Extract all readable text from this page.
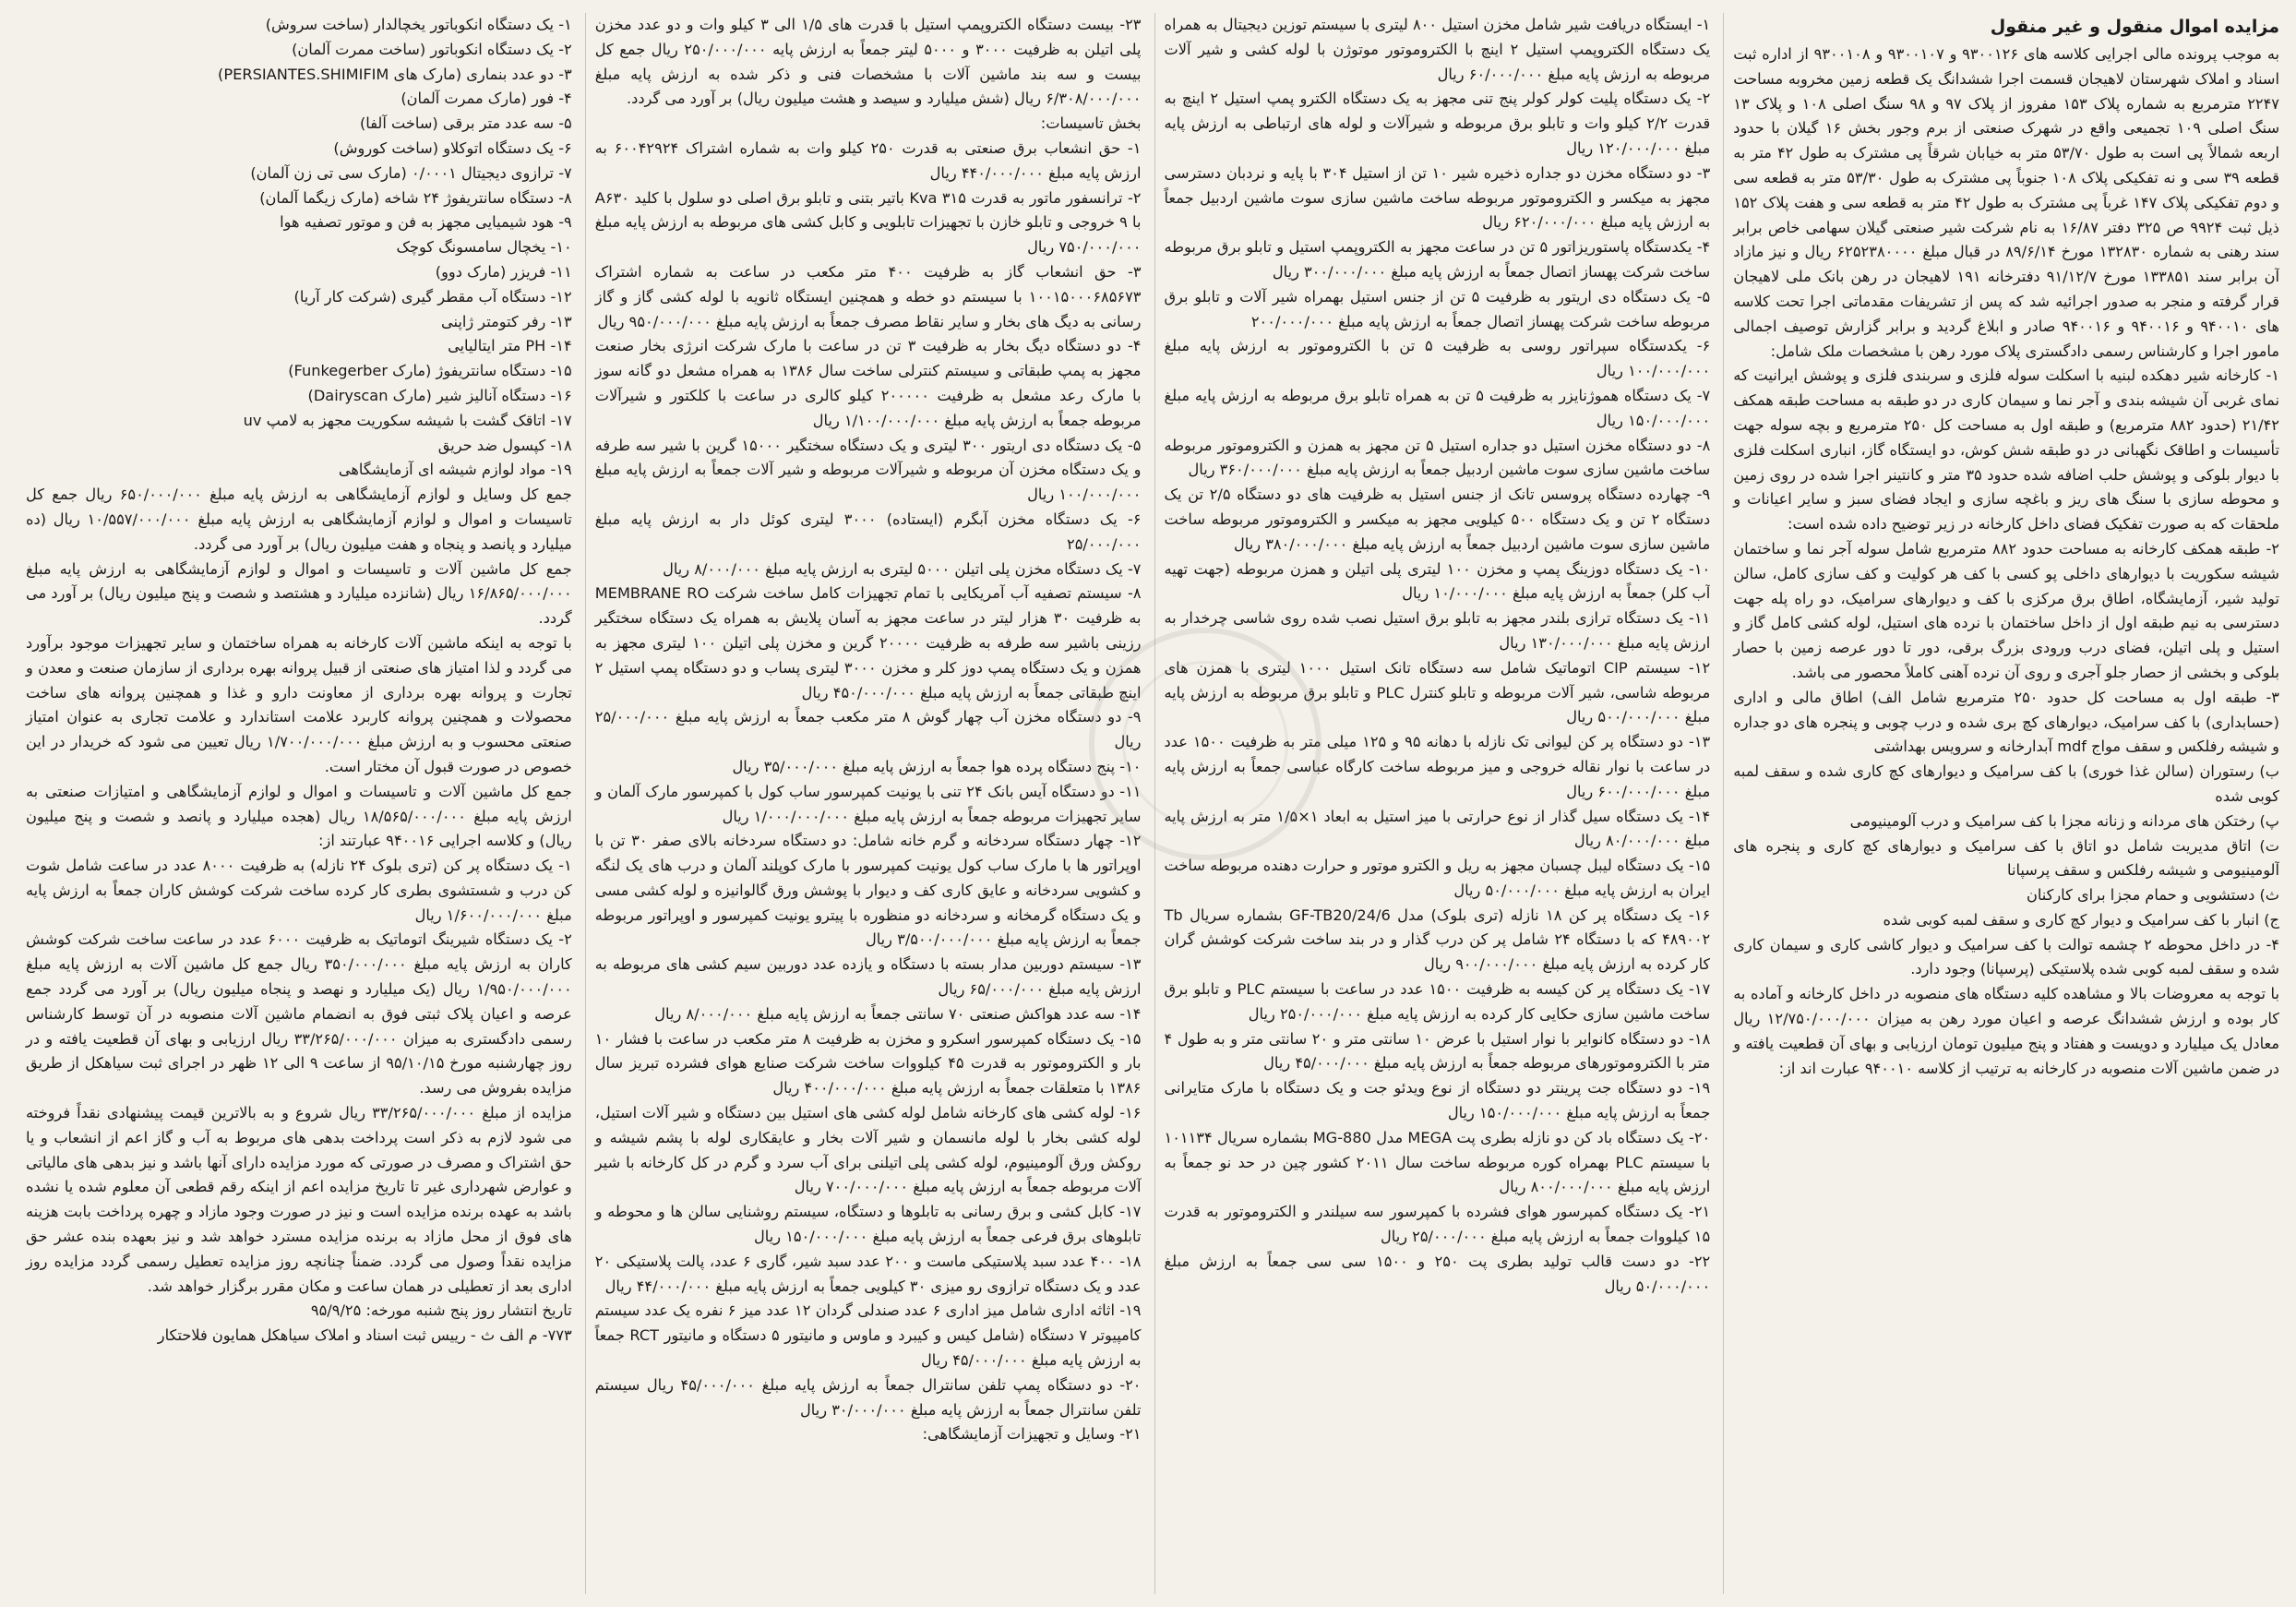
مزایده اموال منقول و غیر منقول

به موجب پرونده مالی اجرایی کلاسه های ۹۳۰۰۱۲۶ و ۹۳۰۰۱۰۷ و ۹۳۰۰۱۰۸ از اداره ثبت اسناد و املاک شهرستان لاهیجان قسمت اجرا ششدانگ یک قطعه زمین مخروبه مساحت ۲۲۴۷ مترمربع به شماره پلاک ۱۵۳ مفروز از پلاک ۹۷ و ۹۸ سنگ اصلی ۱۰۸ و پلاک ۱۳ سنگ اصلی ۱۰۹ تجمیعی واقع در شهرک صنعتی از برم وجور بخش ۱۶ گیلان با حدود اربعه شمالاً پی است به طول ۵۳/۷۰ متر به خیابان شرقاً پی مشترک به طول ۴۲ متر به قطعه ۳۹ سی و نه تفکیکی پلاک ۱۰۸ جنوباً پی مشترک به طول ۵۳/۳۰ متر به قطعه سی و دوم تفکیکی پلاک ۱۴۷ غرباً پی مشترک به طول ۴۲ متر به قطعه سی و هفت پلاک ۱۵۲ ذیل ثبت ۹۹۲۴ ص ۳۲۵ دفتر ۱۶/۸۷ به نام شرکت شیر صنعتی گیلان سهامی خاص برابر سند رهنی به شماره ۱۳۲۸۳۰ مورخ ۸۹/۶/۱۴ در قبال مبلغ ۶۲۵۲۳۸۰۰۰۰ ریال و نیز مازاد آن برابر سند ۱۳۳۸۵۱ مورخ ۹۱/۱۲/۷ دفترخانه ۱۹۱ لاهیجان در رهن بانک ملی لاهیجان قرار گرفته و منجر به صدور اجرائیه شد که پس از تشریفات مقدماتی اجرا تحت کلاسه های ۹۴۰۰۱۰ و ۹۴۰۰۱۶ و ۹۴۰۰۱۶ صادر و ابلاغ گردید و برابر گزارش توصیف اجمالی مامور اجرا و کارشناس رسمی دادگستری پلاک مورد رهن با مشخصات ملک شامل:

۱- کارخانه شیر دهکده لبنیه با اسکلت سوله فلزی و سربندی فلزی و پوشش ایرانیت که نمای غربی آن شیشه بندی و آجر نما و سیمان کاری در دو طبقه به مساحت طبقه همکف ۲۱/۴۲ (حدود ۸۸۲ مترمربع) و طبقه اول به مساحت کل ۲۵۰ مترمربع و بچه سوله جهت تأسیسات و اطاقک نگهبانی در دو طبقه شش کوش، دو ایستگاه گاز، انباری اسکلت فلزی با دیوار بلوکی و پوشش حلب اضافه شده حدود ۳۵ متر و کانتینر اجرا شده در روی زمین و محوطه سازی با سنگ های ریز و باغچه سازی و ایجاد فضای سبز و سایر اعیانات و ملحقات که به صورت تفکیک فضای داخل کارخانه در زیر توضیح داده شده است:

۲- طبقه همکف کارخانه به مساحت حدود ۸۸۲ مترمربع شامل سوله آجر نما و ساختمان شیشه سکوریت با دیوارهای داخلی پو کسی با کف هر کولیت و کف سازی کامل، سالن تولید شیر، آزمایشگاه، اطاق برق مرکزی با کف و دیوارهای سرامیک، دو راه پله جهت دسترسی به نیم طبقه اول از داخل ساختمان با نرده های استیل، لوله کشی کامل گاز و استیل و پلی اتیلن، فضای درب ورودی بزرگ برقی، دور تا دور عرصه زمین با حصار بلوکی و بخشی از حصار جلو آجری و روی آن نرده آهنی کاملاً محصور می باشد.

۳- طبقه اول به مساحت کل حدود ۲۵۰ مترمربع شامل الف) اطاق مالی و اداری (حسابداری) با کف سرامیک، دیوارهای کچ بری شده و درب چوبی و پنجره های دو جداره و شیشه رفلکس و سقف مواج mdf آبدارخانه و سرویس بهداشتی

ب) رستوران (سالن غذا خوری) با کف سرامیک و دیوارهای کچ کاری شده و سقف لمبه کوبی شده

پ) رختکن های مردانه و زنانه مجزا با کف سرامیک و درب آلومینیومی

ت) اتاق مدیریت شامل دو اتاق با کف سرامیک و دیوارهای کچ کاری و پنجره های آلومینیومی و شیشه رفلکس و سقف پرسپانا

ث) دستشویی و حمام مجزا برای کارکنان

ج) انبار با کف سرامیک و دیوار کچ کاری و سقف لمبه کوبی شده

۴- در داخل محوطه ۲ چشمه توالت با کف سرامیک و دیوار کاشی کاری و سیمان کاری شده و سقف لمبه کوبی شده پلاستیکی (پرسپانا) وجود دارد.

با توجه به معروضات بالا و مشاهده کلیه دستگاه های منصوبه در داخل کارخانه و آماده به کار بوده و ارزش ششدانگ عرصه و اعیان مورد رهن به میزان ۱۲/۷۵۰/۰۰۰/۰۰۰ ریال معادل یک میلیارد و دویست و هفتاد و پنج میلیون تومان ارزیابی و بهای آن قطعیت یافته و در ضمن ماشین آلات منصوبه در کارخانه به ترتیب از کلاسه ۹۴۰۰۱۰ عبارت اند از:

۱- ایستگاه دریافت شیر شامل مخزن استیل ۸۰۰ لیتری با سیستم توزین دیجیتال به همراه یک دستگاه الکتروپمپ استیل ۲ اینچ با الکتروموتور موتوژن با لوله کشی و شیر آلات مربوطه به ارزش پایه مبلغ ۶۰/۰۰۰/۰۰۰ ریال

۲- یک دستگاه پلیت کولر کولر پنج تنی مجهز به یک دستگاه الکترو پمپ استیل ۲ اینچ به قدرت ۲/۲ کیلو وات و تابلو برق مربوطه و شیرآلات و لوله های ارتباطی به ارزش پایه مبلغ ۱۲۰/۰۰۰/۰۰۰ ریال

۳- دو دستگاه مخزن دو جداره ذخیره شیر ۱۰ تن از استیل ۳۰۴ با پایه و نردبان دسترسی مجهز به میکسر و الکتروموتور مربوطه ساخت ماشین سازی سوت ماشین اردبیل جمعاً به ارزش پایه مبلغ ۶۲۰/۰۰۰/۰۰۰ ریال

۴- یکدستگاه پاستوریزاتور ۵ تن در ساعت مجهز به الکتروپمپ استیل و تابلو برق مربوطه ساخت شرکت پهساز اتصال جمعاً به ارزش پایه مبلغ ۳۰۰/۰۰۰/۰۰۰ ریال

۵- یک دستگاه دی اریتور به ظرفیت ۵ تن از جنس استیل بهمراه شیر آلات و تابلو برق مربوطه ساخت شرکت پهساز اتصال جمعاً به ارزش پایه مبلغ ۲۰۰/۰۰۰/۰۰۰

۶- یکدستگاه سپراتور روسی به ظرفیت ۵ تن با الکتروموتور به ارزش پایه مبلغ ۱۰۰/۰۰۰/۰۰۰ ریال

۷- یک دستگاه هموژنایزر به ظرفیت ۵ تن به همراه تابلو برق مربوطه به ارزش پایه مبلغ ۱۵۰/۰۰۰/۰۰۰ ریال

۸- دو دستگاه مخزن استیل دو جداره استیل ۵ تن مجهز به همزن و الکتروموتور مربوطه ساخت ماشین سازی سوت ماشین اردبیل جمعاً به ارزش پایه مبلغ ۳۶۰/۰۰۰/۰۰۰ ریال

۹- چهارده دستگاه پروسس تانک از جنس استیل به ظرفیت های دو دستگاه ۲/۵ تن یک دستگاه ۲ تن و یک دستگاه ۵۰۰ کیلویی مجهز به میکسر و الکتروموتور مربوطه ساخت ماشین سازی سوت ماشین اردبیل جمعاً به ارزش پایه مبلغ ۳۸۰/۰۰۰/۰۰۰ ریال

۱۰- یک دستگاه دوزینگ پمپ و مخزن ۱۰۰ لیتری پلی اتیلن و همزن مربوطه (جهت تهیه آب کلر) جمعاً به ارزش پایه مبلغ ۱۰/۰۰۰/۰۰۰ ریال

۱۱- یک دستگاه ترازی بلندر مجهز به تابلو برق استیل نصب شده روی شاسی چرخدار به ارزش پایه مبلغ ۱۳۰/۰۰۰/۰۰۰ ریال

۱۲- سیستم CIP اتوماتیک شامل سه دستگاه تانک استیل ۱۰۰۰ لیتری با همزن های مربوطه شاسی، شیر آلات مربوطه و تابلو کنترل PLC و تابلو برق مربوطه به ارزش پایه مبلغ ۵۰۰/۰۰۰/۰۰۰ ریال

۱۳- دو دستگاه پر کن لیوانی تک نازله با دهانه ۹۵ و ۱۲۵ میلی متر به ظرفیت ۱۵۰۰ عدد در ساعت با نوار نقاله خروجی و میز مربوطه ساخت کارگاه عباسی جمعاً به ارزش پایه مبلغ ۶۰۰/۰۰۰/۰۰۰ ریال

۱۴- یک دستگاه سیل گذار از نوع حرارتی با میز استیل به ابعاد ۱×۱/۵ متر به ارزش پایه مبلغ ۸۰/۰۰۰/۰۰۰ ریال

۱۵- یک دستگاه لیبل چسبان مجهز به ریل و الکترو موتور و حرارت دهنده مربوطه ساخت ایران به ارزش پایه مبلغ ۵۰/۰۰۰/۰۰۰ ریال

۱۶- یک دستگاه پر کن ۱۸ نازله (تری بلوک) مدل GF-TB20/24/6 بشماره سریال Tb ۴۸۹۰۰۲ که با دستگاه ۲۴ شامل پر کن درب گذار و در بند ساخت شرکت کوشش گران کار کرده به ارزش پایه مبلغ ۹۰۰/۰۰۰/۰۰۰ ریال

۱۷- یک دستگاه پر کن کیسه به ظرفیت ۱۵۰۰ عدد در ساعت با سیستم PLC و تابلو برق ساخت ماشین سازی حکایی کار کرده به ارزش پایه مبلغ ۲۵۰/۰۰۰/۰۰۰ ریال

۱۸- دو دستگاه کانوایر با نوار استیل با عرض ۱۰ سانتی متر و ۲۰ سانتی متر و به طول ۴ متر با الکتروموتورهای مربوطه جمعاً به ارزش پایه مبلغ ۴۵/۰۰۰/۰۰۰ ریال

۱۹- دو دستگاه جت پرینتر دو دستگاه از نوع ویدئو جت و یک دستگاه با مارک متایرانی جمعاً به ارزش پایه مبلغ ۱۵۰/۰۰۰/۰۰۰ ریال

۲۰- یک دستگاه باد کن دو نازله بطری پت MEGA مدل MG-880 بشماره سریال ۱۰۱۱۳۴ با سیستم PLC بهمراه کوره مربوطه ساخت سال ۲۰۱۱ کشور چین در حد نو جمعاً به ارزش پایه مبلغ ۸۰۰/۰۰۰/۰۰۰ ریال

۲۱- یک دستگاه کمپرسور هوای فشرده با کمپرسور سه سیلندر و الکتروموتور به قدرت ۱۵ کیلووات جمعاً به ارزش پایه مبلغ ۲۵/۰۰۰/۰۰۰ ریال

۲۲- دو دست قالب تولید بطری پت ۲۵۰ و ۱۵۰۰ سی سی جمعاً به ارزش مبلغ ۵۰/۰۰۰/۰۰۰ ریال

۲۳- بیست دستگاه الکتروپمپ استیل با قدرت های ۱/۵ الی ۳ کیلو وات و دو عدد مخزن پلی اتیلن به ظرفیت ۳۰۰۰ و ۵۰۰۰ لیتر جمعاً به ارزش پایه ۲۵۰/۰۰۰/۰۰۰ ریال جمع کل بیست و سه بند ماشین آلات با مشخصات فنی و ذکر شده به ارزش پایه مبلغ ۶/۳۰۸/۰۰۰/۰۰۰ ریال (شش میلیارد و سیصد و هشت میلیون ریال) بر آورد می گردد.

بخش تاسیسات:

۱- حق انشعاب برق صنعتی به قدرت ۲۵۰ کیلو وات به شماره اشتراک ۶۰۰۴۲۹۲۴ به ارزش پایه مبلغ ۴۴۰/۰۰۰/۰۰۰ ریال

۲- ترانسفور ماتور به قدرت ۳۱۵ Kva باتیر بتنی و تابلو برق اصلی دو سلول با کلید A۶۳۰ با ۹ خروجی و تابلو خازن با تجهیزات تابلویی و کابل کشی های مربوطه به ارزش پایه مبلغ ۷۵۰/۰۰۰/۰۰۰ ریال

۳- حق انشعاب گاز به ظرفیت ۴۰۰ متر مکعب در ساعت به شماره اشتراک ۱۰۰۱۵۰۰۰۶۸۵۶۷۳ با سیستم دو خطه و همچنین ایستگاه ثانویه با لوله کشی گاز و گاز رسانی به دیگ های بخار و سایر نقاط مصرف جمعاً به ارزش پایه مبلغ ۹۵۰/۰۰۰/۰۰۰ ریال

۴- دو دستگاه دیگ بخار به ظرفیت ۳ تن در ساعت با مارک شرکت انرژی بخار صنعت مجهز به پمپ طبقاتی و سیستم کنترلی ساخت سال ۱۳۸۶ به همراه مشعل دو گانه سوز با مارک رعد مشعل به ظرفیت ۲۰۰۰۰۰ کیلو کالری در ساعت با کلکتور و شیرآلات مربوطه جمعاً به ارزش پایه مبلغ ۱/۱۰۰/۰۰۰/۰۰۰ ریال

۵- یک دستگاه دی اریتور ۳۰۰ لیتری و یک دستگاه سختگیر ۱۵۰۰۰ گرین با شیر سه طرفه و یک دستگاه مخزن آن مربوطه و شیرآلات مربوطه و شیر آلات جمعاً به ارزش پایه مبلغ ۱۰۰/۰۰۰/۰۰۰ ریال

۶- یک دستگاه مخزن آبگرم (ایستاده) ۳۰۰۰ لیتری کوئل دار به ارزش پایه مبلغ ۲۵/۰۰۰/۰۰۰

۷- یک دستگاه مخزن پلی اتیلن ۵۰۰۰ لیتری به ارزش پایه مبلغ ۸/۰۰۰/۰۰۰ ریال

۸- سیستم تصفیه آب آمریکایی با تمام تجهیزات کامل ساخت شرکت MEMBRANE RO به ظرفیت ۳۰ هزار لیتر در ساعت مجهز به آسان پلایش به همراه یک دستگاه سختگیر رزینی باشیر سه طرفه به ظرفیت ۲۰۰۰۰ گرین و مخزن پلی اتیلن ۱۰۰ لیتری مجهز به همزن و یک دستگاه پمپ دوز کلر و مخزن ۳۰۰۰ لیتری پساب و دو دستگاه پمپ استیل ۲ اینچ طبقاتی جمعاً به ارزش پایه مبلغ ۴۵۰/۰۰۰/۰۰۰ ریال

۹- دو دستگاه مخزن آب چهار گوش ۸ متر مکعب جمعاً به ارزش پایه مبلغ ۲۵/۰۰۰/۰۰۰ ریال

۱۰- پنج دستگاه پرده هوا جمعاً به ارزش پایه مبلغ ۳۵/۰۰۰/۰۰۰ ریال

۱۱- دو دستگاه آیس بانک ۲۴ تنی با یونیت کمپرسور ساب کول با کمپرسور مارک آلمان و سایر تجهیزات مربوطه جمعاً به ارزش پایه مبلغ ۱/۰۰۰/۰۰۰/۰۰۰ ریال

۱۲- چهار دستگاه سردخانه و گرم خانه شامل: دو دستگاه سردخانه بالای صفر ۳۰ تن با اوپراتور ها با مارک ساب کول یونیت کمپرسور با مارک کوپلند آلمان و درب های یک لنگه و کشویی سردخانه و عایق کاری کف و دیوار با پوشش ورق گالوانیزه و لوله کشی مسی و یک دستگاه گرمخانه و سردخانه دو منظوره با پیترو یونیت کمپرسور و اوپراتور مربوطه جمعاً به ارزش پایه مبلغ ۳/۵۰۰/۰۰۰/۰۰۰ ریال

۱۳- سیستم دوربین مدار بسته با دستگاه و یازده عدد دوربین سیم کشی های مربوطه به ارزش پایه مبلغ ۶۵/۰۰۰/۰۰۰ ریال

۱۴- سه عدد هواکش صنعتی ۷۰ سانتی جمعاً به ارزش پایه مبلغ ۸/۰۰۰/۰۰۰ ریال

۱۵- یک دستگاه کمپرسور اسکرو و مخزن به ظرفیت ۸ متر مکعب در ساعت با فشار ۱۰ بار و الکتروموتور به قدرت ۴۵ کیلووات ساخت شرکت صنایع هوای فشرده تبریز سال ۱۳۸۶ با متعلقات جمعاً به ارزش پایه مبلغ ۴۰۰/۰۰۰/۰۰۰ ریال

۱۶- لوله کشی های کارخانه شامل لوله کشی های استیل بین دستگاه و شیر آلات استیل، لوله کشی بخار با لوله مانسمان و شیر آلات بخار و عایقکاری لوله با پشم شیشه و روکش ورق آلومینیوم، لوله کشی پلی اتیلنی برای آب سرد و گرم در کل کارخانه با شیر آلات مربوطه جمعاً به ارزش پایه مبلغ ۷۰۰/۰۰۰/۰۰۰ ریال

۱۷- کابل کشی و برق رسانی به تابلوها و دستگاه، سیستم روشنایی سالن ها و محوطه و تابلوهای برق فرعی جمعاً به ارزش پایه مبلغ ۱۵۰/۰۰۰/۰۰۰ ریال

۱۸- ۴۰۰ عدد سبد پلاستیکی ماست و ۲۰۰ عدد سبد شیر، گاری ۶ عدد، پالت پلاستیکی ۲۰ عدد و یک دستگاه ترازوی رو میزی ۳۰ کیلویی جمعاً به ارزش پایه مبلغ ۴۴/۰۰۰/۰۰۰ ریال

۱۹- اثاثه اداری شامل میز اداری ۶ عدد صندلی گردان ۱۲ عدد میز ۶ نفره یک عدد سیستم کامپیوتر ۷ دستگاه (شامل کیس و کیبرد و ماوس و مانیتور ۵ دستگاه و مانیتور RCT جمعاً به ارزش پایه مبلغ ۴۵/۰۰۰/۰۰۰ ریال

۲۰- دو دستگاه پمپ تلفن سانترال جمعاً به ارزش پایه مبلغ ۴۵/۰۰۰/۰۰۰ ریال سیستم تلفن سانترال جمعاً به ارزش پایه مبلغ ۳۰/۰۰۰/۰۰۰ ریال

۲۱- وسایل و تجهیزات آزمایشگاهی:

۱- یک دستگاه انکوباتور یخچالدار (ساخت سروش)

۲- یک دستگاه انکوباتور (ساخت ممرت آلمان)

۳- دو عدد بنماری (مارک های PERSIANTES.SHIMIFIM)

۴- فور (مارک ممرت آلمان)

۵- سه عدد متر برقی (ساخت آلفا)

۶- یک دستگاه اتوکلاو (ساخت کوروش)

۷- ترازوی دیجیتال ۰/۰۰۰۱ (مارک سی تی زن آلمان)

۸- دستگاه سانتریفوژ ۲۴ شاخه (مارک زیگما آلمان)

۹- هود شیمیایی مجهز به فن و موتور تصفیه هوا

۱۰- یخچال سامسونگ کوچک

۱۱- فریزر (مارک دوو)

۱۲- دستگاه آب مقطر گیری (شرکت کار آریا)

۱۳- رفر کتومتر ژاپنی

۱۴- PH متر ایتالیایی

۱۵- دستگاه سانتریفوژ (مارک Funkegerber)

۱۶- دستگاه آنالیز شیر (مارک Dairyscan)

۱۷- اتاقک گشت با شیشه سکوریت مجهز به لامپ uv

۱۸- کپسول ضد حریق

۱۹- مواد لوازم شیشه ای آزمایشگاهی

جمع کل وسایل و لوازم آزمایشگاهی به ارزش پایه مبلغ ۶۵۰/۰۰۰/۰۰۰ ریال جمع کل تاسیسات و اموال و لوازم آزمایشگاهی به ارزش پایه مبلغ ۱۰/۵۵۷/۰۰۰/۰۰۰ ریال (ده میلیارد و پانصد و پنجاه و هفت میلیون ریال) بر آورد می گردد.

جمع کل ماشین آلات و تاسیسات و اموال و لوازم آزمایشگاهی به ارزش پایه مبلغ ۱۶/۸۶۵/۰۰۰/۰۰۰ ریال (شانزده میلیارد و هشتصد و شصت و پنج میلیون ریال) بر آورد می گردد.

با توجه به اینکه ماشین آلات کارخانه به همراه ساختمان و سایر تجهیزات موجود برآورد می گردد و لذا امتیاز های صنعتی از قبیل پروانه بهره برداری از سازمان صنعت و معدن و تجارت و پروانه بهره برداری از معاونت دارو و غذا و همچنین پروانه های ساخت محصولات و همچنین پروانه کاربرد علامت استاندارد و علامت تجاری به عنوان امتیاز صنعتی محسوب و به ارزش مبلغ ۱/۷۰۰/۰۰۰/۰۰۰ ریال تعیین می شود که خریدار در این خصوص در صورت قبول آن مختار است.

جمع کل ماشین آلات و تاسیسات و اموال و لوازم آزمایشگاهی و امتیازات صنعتی به ارزش پایه مبلغ ۱۸/۵۶۵/۰۰۰/۰۰۰ ریال (هجده میلیارد و پانصد و شصت و پنج میلیون ریال) و کلاسه اجرایی ۹۴۰۰۱۶ عبارتند از:

۱- یک دستگاه پر کن (تری بلوک ۲۴ نازله) به ظرفیت ۸۰۰۰ عدد در ساعت شامل شوت کن درب و شستشوی بطری کار کرده ساخت شرکت کوشش کاران جمعاً به ارزش پایه مبلغ ۱/۶۰۰/۰۰۰/۰۰۰ ریال

۲- یک دستگاه شیرینگ اتوماتیک به ظرفیت ۶۰۰۰ عدد در ساعت ساخت شرکت کوشش کاران به ارزش پایه مبلغ ۳۵۰/۰۰۰/۰۰۰ ریال جمع کل ماشین آلات به ارزش پایه مبلغ ۱/۹۵۰/۰۰۰/۰۰۰ ریال (یک میلیارد و نهصد و پنجاه میلیون ریال) بر آورد می گردد جمع عرصه و اعیان پلاک ثبتی فوق به انضمام ماشین آلات منصوبه در آن توسط کارشناس رسمی دادگستری به میزان ۳۳/۲۶۵/۰۰۰/۰۰۰ ریال ارزیابی و بهای آن قطعیت یافته و در روز چهارشنبه مورخ ۹۵/۱۰/۱۵ از ساعت ۹ الی ۱۲ ظهر در اجرای ثبت سیاهکل از طریق مزایده بفروش می رسد.

مزایده از مبلغ ۳۳/۲۶۵/۰۰۰/۰۰۰ ریال شروع و به بالاترین قیمت پیشنهادی نقداً فروخته می شود لازم به ذکر است پرداخت بدهی های مربوط به آب و گاز اعم از انشعاب و یا حق اشتراک و مصرف در صورتی که مورد مزایده دارای آنها باشد و نیز بدهی های مالیاتی و عوارض شهرداری غیر تا تاریخ مزایده اعم از اینکه رقم قطعی آن معلوم شده یا نشده باشد به عهده برنده مزایده است و نیز در صورت وجود مازاد و چهره پرداخت بابت هزینه های فوق از محل مازاد به برنده مزایده مسترد خواهد شد و نیز بعهده بنده عشر حق مزایده نقداً وصول می گردد. ضمناً چنانچه روز مزایده تعطیل رسمی گردد مزایده روز اداری بعد از تعطیلی در همان ساعت و مکان مقرر برگزار خواهد شد.

تاریخ انتشار روز پنج شنبه مورخه: ۹۵/۹/۲۵

۷۷۳- م الف ث - رییس ثبت اسناد و املاک سیاهکل همایون فلاحتکار
